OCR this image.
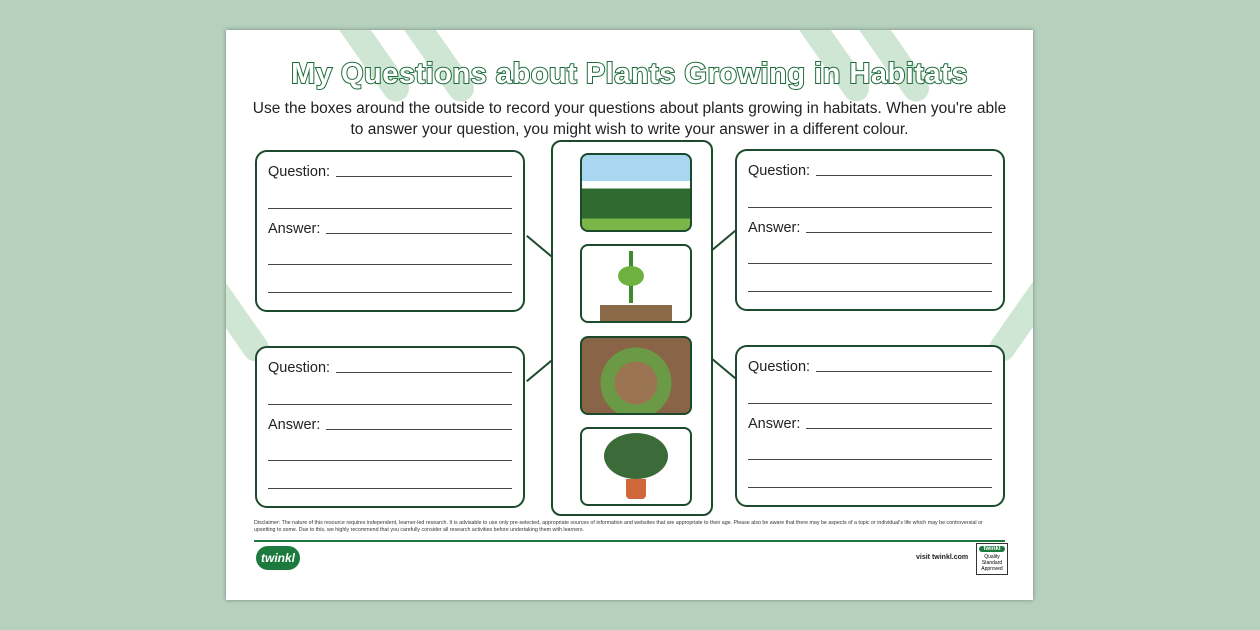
My Questions about Plants Growing in Habitats
Use the boxes around the outside to record your questions about plants growing in habitats. When you're able to answer your question, you might wish to write your answer in a different colour.
Question:
Answer:
Question:
Answer:
Question:
Answer:
Question:
Answer:
Disclaimer: The nature of this resource requires independent, learner-led research. It is advisable to use only pre-selected, appropriate sources of information and websites that are appropriate to their age. Please also be aware that there may be aspects of a topic or individual's life which may be controversial or upsetting to some. Due to this, we highly recommend that you carefully consider all research activities before undertaking them with learners.
twinkl	visit twinkl.com
twinkl
Quality Standard Approved
